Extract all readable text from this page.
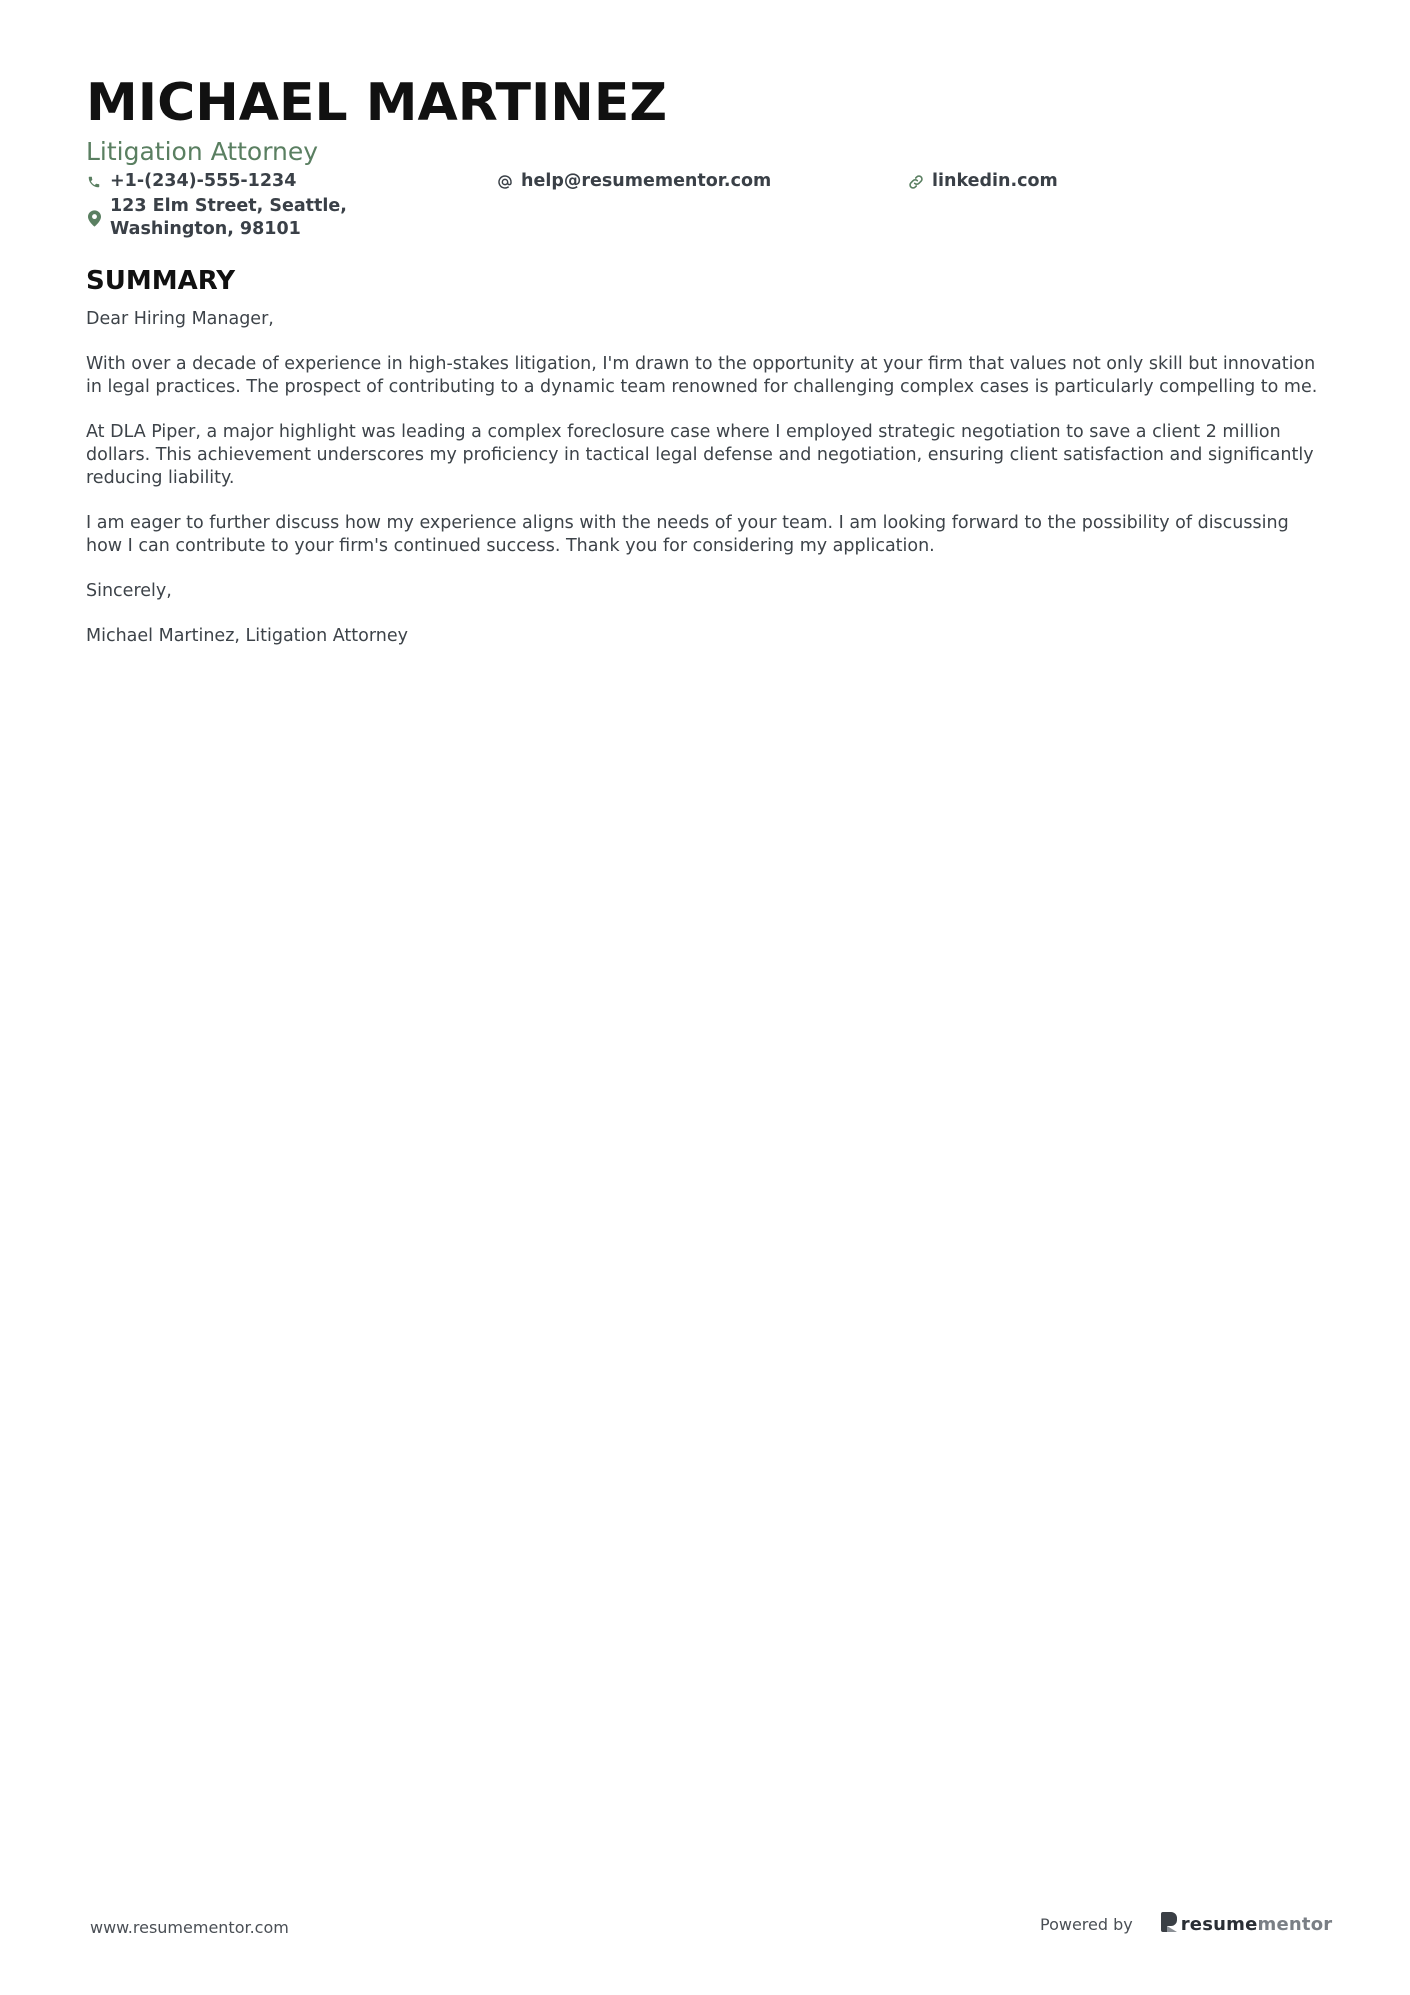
MICHAEL MARTINEZ
Litigation Attorney
+1-(234)-555-1234	help@resumementor.com	linkedin.com
123 Elm Street, Seattle, Washington, 98101
SUMMARY

Dear Hiring Manager,

With over a decade of experience in high-stakes litigation, I'm drawn to the opportunity at your firm that values not only skill but innovation in legal practices. The prospect of contributing to a dynamic team renowned for challenging complex cases is particularly compelling to me.

At DLA Piper, a major highlight was leading a complex foreclosure case where I employed strategic negotiation to save a client 2 million dollars. This achievement underscores my proficiency in tactical legal defense and negotiation, ensuring client satisfaction and significantly reducing liability.

I am eager to further discuss how my experience aligns with the needs of your team. I am looking forward to the possibility of discussing how I can contribute to your firm's continued success. Thank you for considering my application.

Sincerely,

Michael Martinez, Litigation Attorney

www.resumementor.com	Powered by	resume mentor
